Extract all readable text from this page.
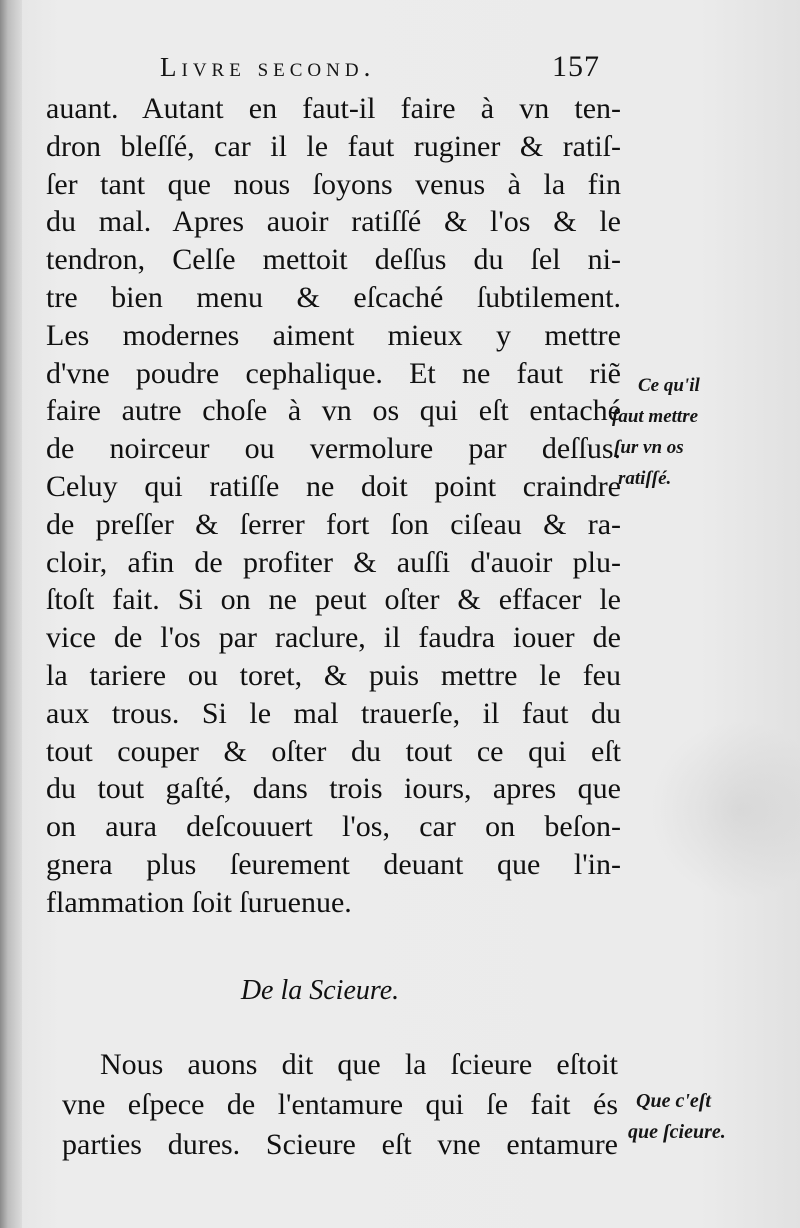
Livre second.	157
auant. Autant en faut-il faire à vn ten-
dron bleſſé, car il le faut ruginer & ratiſ-
ſer tant que nous ſoyons venus à la fin
du mal. Apres auoir ratiſſé & l'os & le
tendron, Celſe mettoit deſſus du ſel ni-
tre bien menu & eſcaché ſubtilement.
Les modernes aiment mieux y mettre
d'vne poudre cephalique. Et ne faut riẽ
faire autre choſe à vn os qui eſt entaché
de noirceur ou vermolure par deſſus.
Celuy qui ratiſſe ne doit point craindre
de preſſer & ſerrer fort ſon ciſeau & ra-
cloir, afin de profiter & auſſi d'auoir plu-
ſtoſt fait. Si on ne peut oſter & effacer le
vice de l'os par raclure, il faudra iouer de
la tariere ou toret, & puis mettre le feu
aux trous. Si le mal trauerſe, il faut du
tout couper & oſter du tout ce qui eſt
du tout gaſté, dans trois iours, apres que
on aura deſcouuert l'os, car on beſon-
gnera plus ſeurement deuant que l'in-
flammation ſoit ſuruenue.
Ce qu'il
faut mettre
ſur vn os
ratiſſé.
De la Scieure.
Nous auons dit que la ſcieure eſtoit
vne eſpece de l'entamure qui ſe fait és
parties dures. Scieure eſt vne entamure
Que c'eſt
que ſcieure.
